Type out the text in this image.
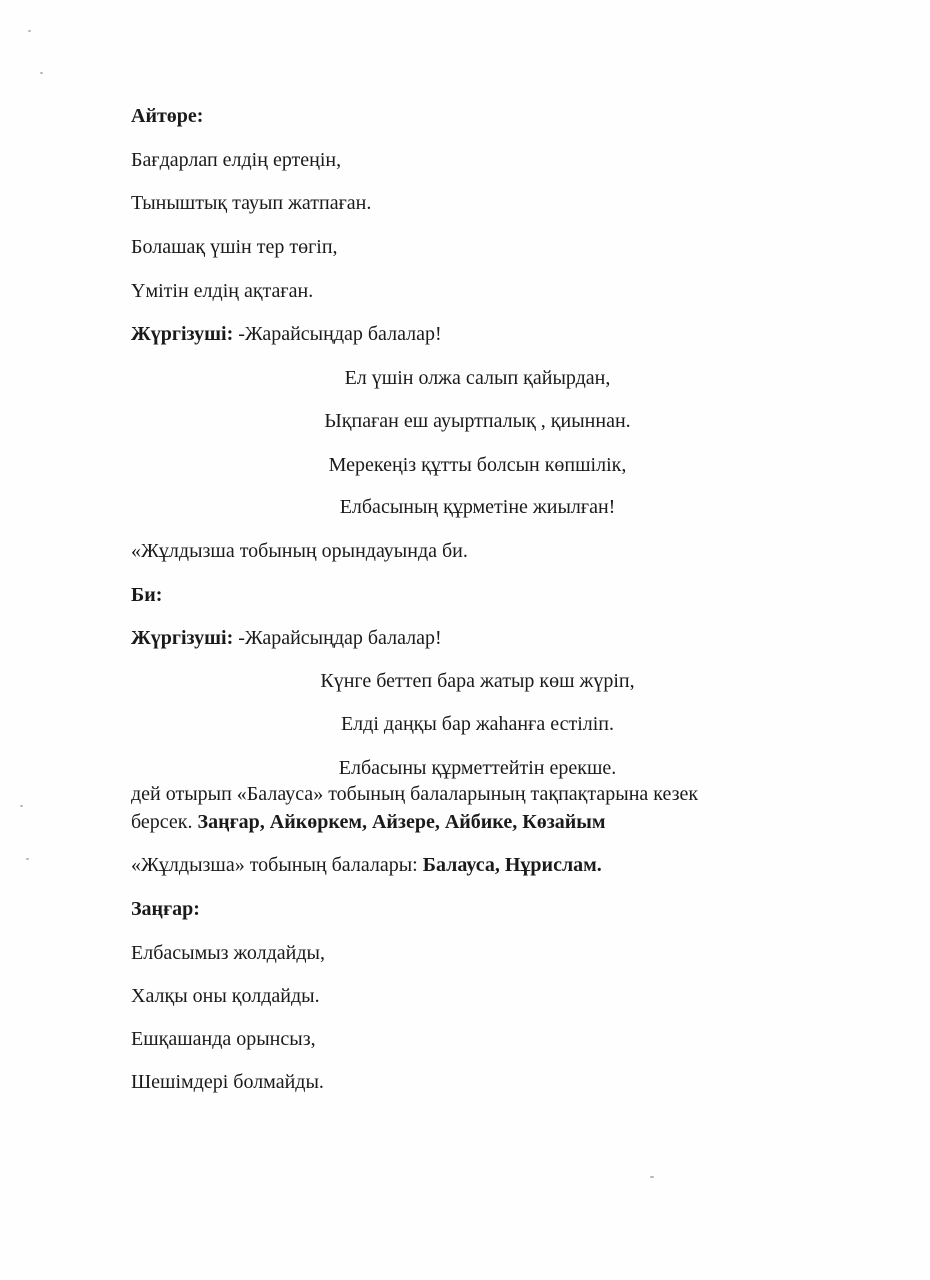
Айтөре:
Бағдарлап елдің ертеңін,
Тыныштық тауып жатпаған.
Болашақ үшін тер төгіп,
Үмітін елдің ақтаған.
Жүргізуші: -Жарайсыңдар балалар!
Ел үшін олжа салып қайырдан,
Ықпаған еш ауыртпалық , қиыннан.
Мерекеңіз құтты болсын көпшілік,
Елбасының құрметіне жиылған!
«Жұлдызша тобының орындауында би.
Би:
Жүргізуші: -Жарайсыңдар балалар!
Күнге беттеп бара жатыр көш жүріп,
Елді даңқы бар жаһанға естіліп.
Елбасыны құрметтейтін ерекше.
дей отырып «Балауса» тобының балаларының тақпақтарына кезек
берсек. Заңғар, Айкөркем, Айзере, Айбике, Көзайым
«Жұлдызша» тобының балалары: Балауса, Нұрислам.
Заңғар:
Елбасымыз жолдайды,
Халқы оны қолдайды.
Ешқашанда орынсыз,
Шешімдері болмайды.
